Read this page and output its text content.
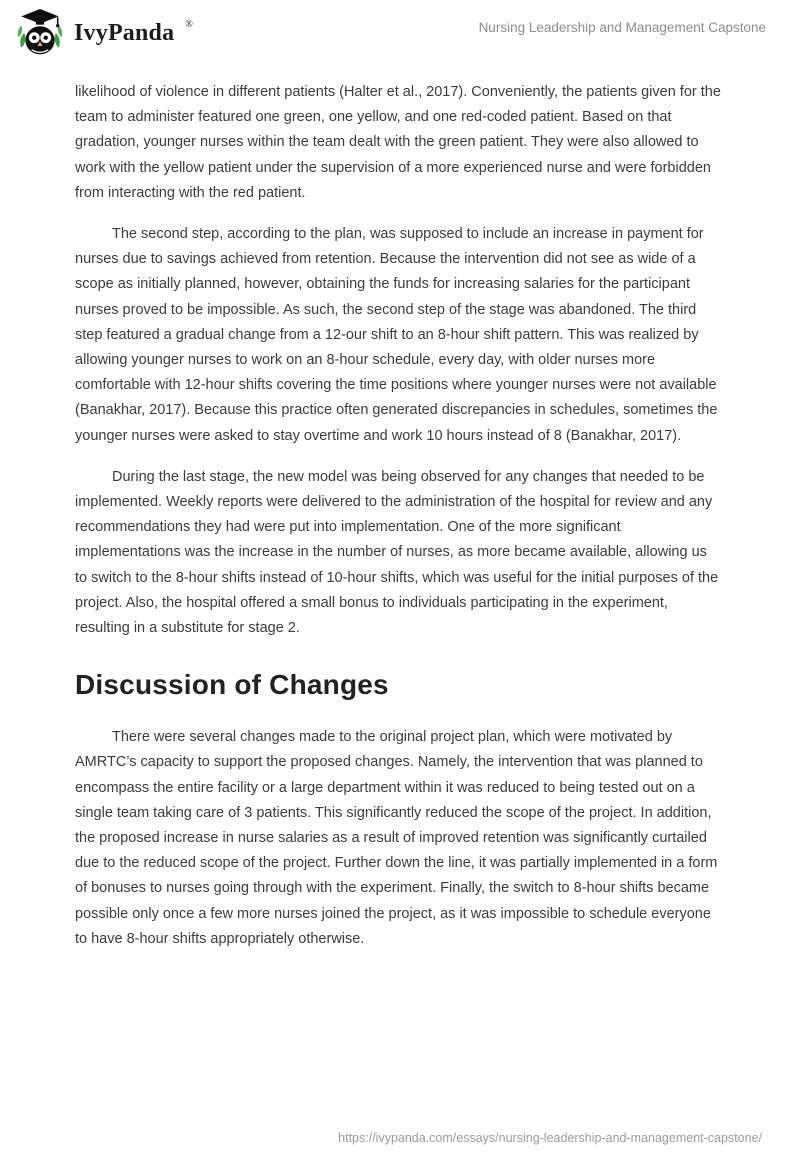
IvyPanda ®	Nursing Leadership and Management Capstone

likelihood of violence in different patients (Halter et al., 2017). Conveniently, the patients given for the team to administer featured one green, one yellow, and one red-coded patient. Based on that gradation, younger nurses within the team dealt with the green patient. They were also allowed to work with the yellow patient under the supervision of a more experienced nurse and were forbidden from interacting with the red patient.

The second step, according to the plan, was supposed to include an increase in payment for nurses due to savings achieved from retention. Because the intervention did not see as wide of a scope as initially planned, however, obtaining the funds for increasing salaries for the participant nurses proved to be impossible. As such, the second step of the stage was abandoned. The third step featured a gradual change from a 12-our shift to an 8-hour shift pattern. This was realized by allowing younger nurses to work on an 8-hour schedule, every day, with older nurses more comfortable with 12-hour shifts covering the time positions where younger nurses were not available (Banakhar, 2017). Because this practice often generated discrepancies in schedules, sometimes the younger nurses were asked to stay overtime and work 10 hours instead of 8 (Banakhar, 2017).

During the last stage, the new model was being observed for any changes that needed to be implemented. Weekly reports were delivered to the administration of the hospital for review and any recommendations they had were put into implementation. One of the more significant implementations was the increase in the number of nurses, as more became available, allowing us to switch to the 8-hour shifts instead of 10-hour shifts, which was useful for the initial purposes of the project. Also, the hospital offered a small bonus to individuals participating in the experiment, resulting in a substitute for stage 2.

Discussion of Changes

There were several changes made to the original project plan, which were motivated by AMRTC’s capacity to support the proposed changes. Namely, the intervention that was planned to encompass the entire facility or a large department within it was reduced to being tested out on a single team taking care of 3 patients. This significantly reduced the scope of the project. In addition, the proposed increase in nurse salaries as a result of improved retention was significantly curtailed due to the reduced scope of the project. Further down the line, it was partially implemented in a form of bonuses to nurses going through with the experiment. Finally, the switch to 8-hour shifts became possible only once a few more nurses joined the project, as it was impossible to schedule everyone to have 8-hour shifts appropriately otherwise.

https://ivypanda.com/essays/nursing-leadership-and-management-capstone/
